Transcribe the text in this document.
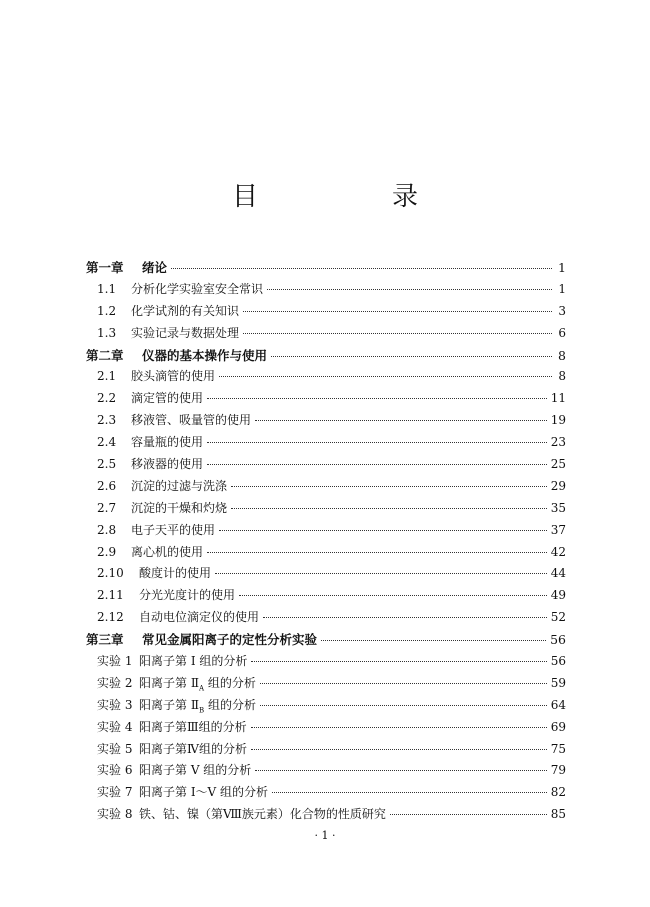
目　录
第一章	绪论	1
1.1	分析化学实验室安全常识	1
1.2	化学试剂的有关知识	3
1.3	实验记录与数据处理	6
第二章	仪器的基本操作与使用	8
2.1	胶头滴管的使用	8
2.2	滴定管的使用	11
2.3	移液管、吸量管的使用	19
2.4	容量瓶的使用	23
2.5	移液器的使用	25
2.6	沉淀的过滤与洗涤	29
2.7	沉淀的干燥和灼烧	35
2.8	电子天平的使用	37
2.9	离心机的使用	42
2.10	酸度计的使用	44
2.11	分光光度计的使用	49
2.12	自动电位滴定仪的使用	52
第三章	常见金属阳离子的定性分析实验	56
实验 1 阳离子第 Ⅰ 组的分析	56
实验 2 阳离子第 $Ⅱ_A$ 组的分析	59
实验 3 阳离子第 $Ⅱ_B$ 组的分析	64
实验 4 阳离子第Ⅲ组的分析	69
实验 5 阳离子第Ⅳ组的分析	75
实验 6 阳离子第 Ⅴ 组的分析	79
实验 7 阳离子第 Ⅰ～Ⅴ 组的分析	82
实验 8 铁、钴、镍（第Ⅷ族元素）化合物的性质研究	85
· 1 ·
